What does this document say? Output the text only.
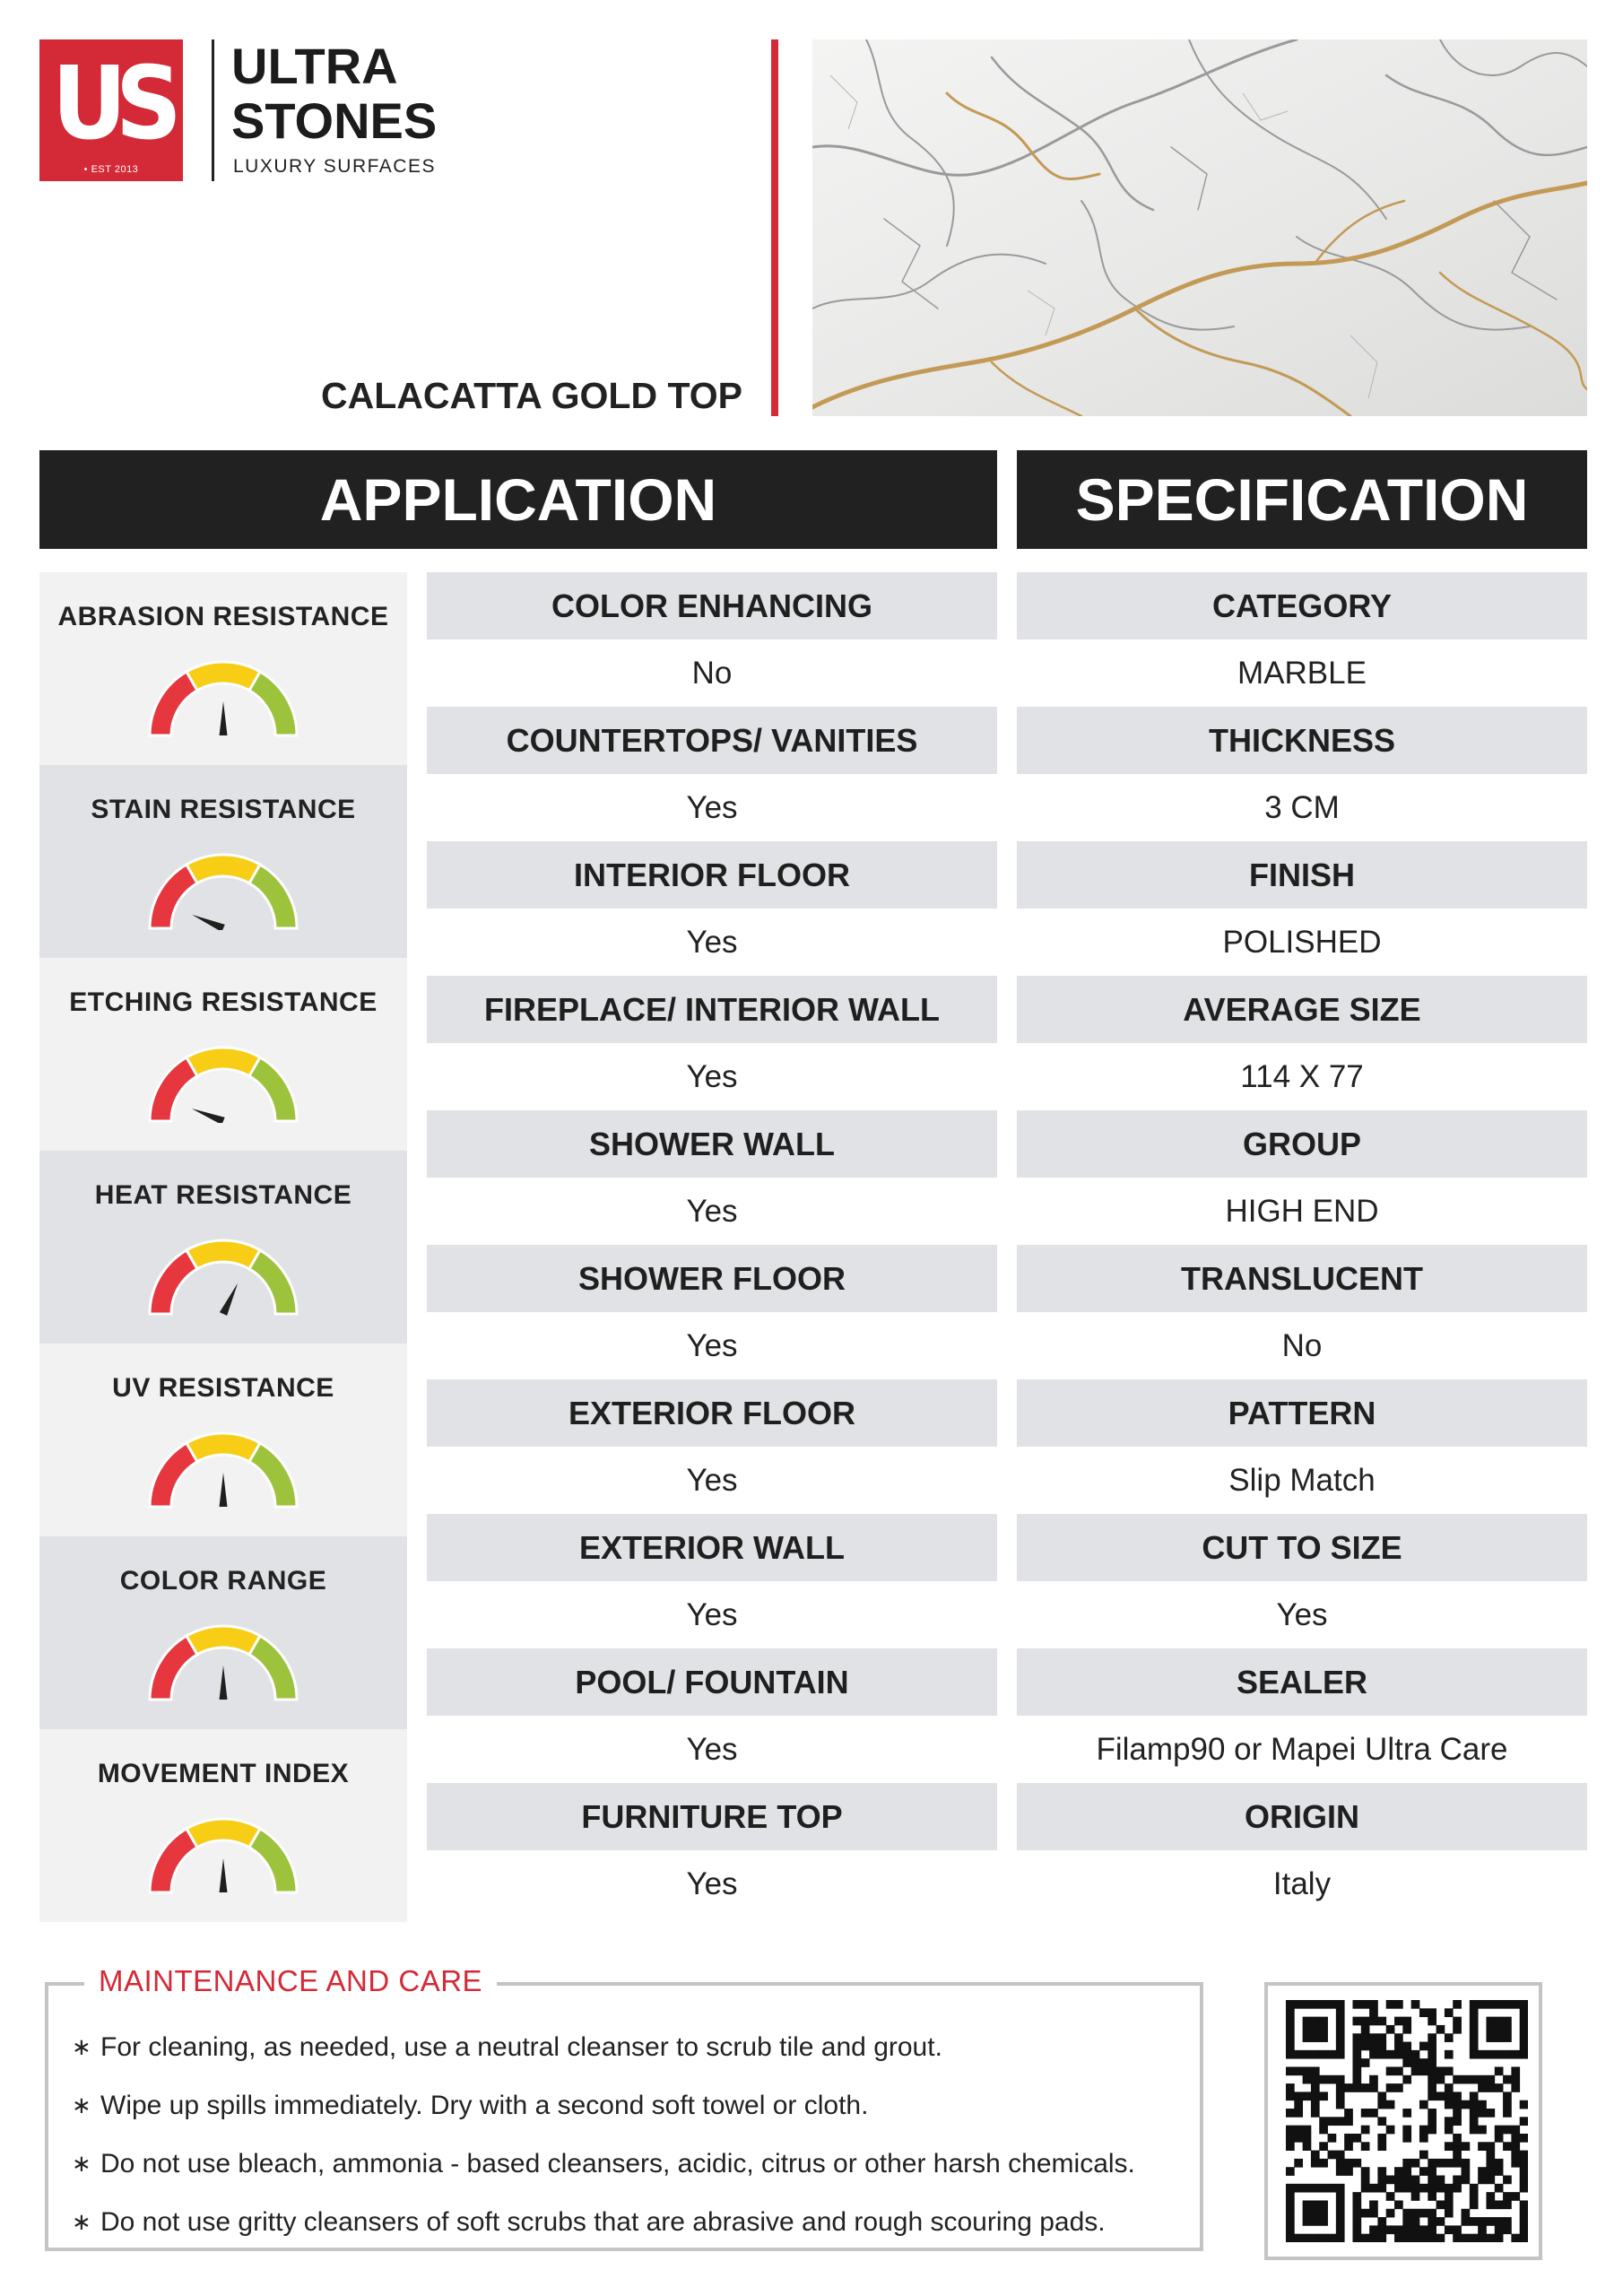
US
• EST 2013
ULTRA
STONES
LUXURY SURFACES
CALACATTA GOLD TOP
APPLICATION	SPECIFICATION
ABRASION RESISTANCE
STAIN RESISTANCE
ETCHING RESISTANCE
HEAT RESISTANCE
UV RESISTANCE
COLOR RANGE
MOVEMENT INDEX
COLOR ENHANCING
No
COUNTERTOPS/ VANITIES
Yes
INTERIOR FLOOR
Yes
FIREPLACE/ INTERIOR WALL
Yes
SHOWER WALL
Yes
SHOWER FLOOR
Yes
EXTERIOR FLOOR
Yes
EXTERIOR WALL
Yes
POOL/ FOUNTAIN
Yes
FURNITURE TOP
Yes
CATEGORY
MARBLE
THICKNESS
3 CM
FINISH
POLISHED
AVERAGE SIZE
114 X 77
GROUP
HIGH END
TRANSLUCENT
No
PATTERN
Slip Match
CUT TO SIZE
Yes
SEALER
Filamp90 or Mapei Ultra Care
ORIGIN
Italy
MAINTENANCE AND CARE
∗ For cleaning, as needed, use a neutral cleanser to scrub tile and grout.
∗ Wipe up spills immediately. Dry with a second soft towel or cloth.
∗ Do not use bleach, ammonia - based cleansers, acidic, citrus or other harsh chemicals.
∗ Do not use gritty cleansers of soft scrubs that are abrasive and rough scouring pads.
